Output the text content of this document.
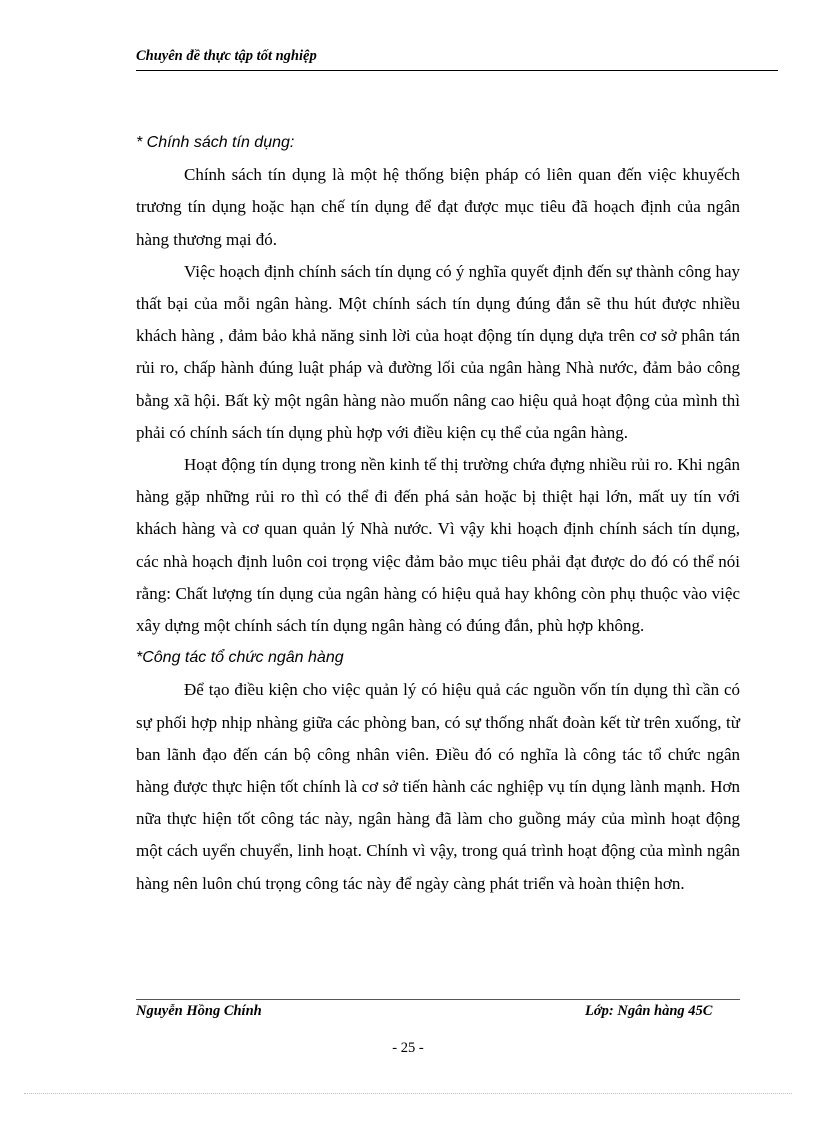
Chuyên đề thực tập tốt nghiệp

* Chính sách tín dụng:

Chính sách tín dụng là một hệ thống biện pháp có liên quan đến việc khuyếch trương tín dụng hoặc hạn chế tín dụng để đạt được mục tiêu đã hoạch định của ngân hàng thương mại đó.

Việc hoạch định chính sách tín dụng có ý nghĩa quyết định đến sự thành công hay thất bại của mỗi ngân hàng. Một chính sách tín dụng đúng đắn sẽ thu hút được nhiều khách hàng , đảm bảo khả năng sinh lời của hoạt động tín dụng dựa trên cơ sở phân tán rủi ro, chấp hành đúng luật pháp và đường lối của ngân hàng Nhà nước, đảm bảo công bằng xã hội. Bất kỳ một ngân hàng nào muốn nâng cao hiệu quả hoạt động của mình thì phải có chính sách tín dụng phù hợp với điều kiện cụ thể của ngân hàng.

Hoạt động tín dụng trong nền kinh tế thị trường chứa đựng nhiều rủi ro. Khi ngân hàng gặp những rủi ro thì có thể đi đến phá sản hoặc bị thiệt hại lớn, mất uy tín với khách hàng và cơ quan quản lý Nhà nước. Vì vậy khi hoạch định chính sách tín dụng, các nhà hoạch định luôn coi trọng việc đảm bảo mục tiêu phải đạt được do đó có thể nói rằng: Chất lượng tín dụng của ngân hàng có hiệu quả hay không còn phụ thuộc vào việc xây dựng một chính sách tín dụng ngân hàng có đúng đắn, phù hợp không.

*Công tác tổ chức ngân hàng

Để tạo điều kiện cho việc quản lý có hiệu quả các nguồn vốn tín dụng thì cần có sự phối hợp nhịp nhàng giữa các phòng ban, có sự thống nhất đoàn kết từ trên xuống, từ ban lãnh đạo đến cán bộ công nhân viên. Điều đó có nghĩa là công tác tổ chức ngân hàng được thực hiện tốt chính là cơ sở tiến hành các nghiệp vụ tín dụng lành mạnh. Hơn nữa thực hiện tốt công tác này, ngân hàng đã làm cho guồng máy của mình hoạt động một cách uyển chuyển, linh hoạt. Chính vì vậy, trong quá trình hoạt động của mình ngân hàng nên luôn chú trọng công tác này để ngày càng phát triển và hoàn thiện hơn.

Nguyễn Hồng Chính	Lớp: Ngân hàng 45C
- 25 -
